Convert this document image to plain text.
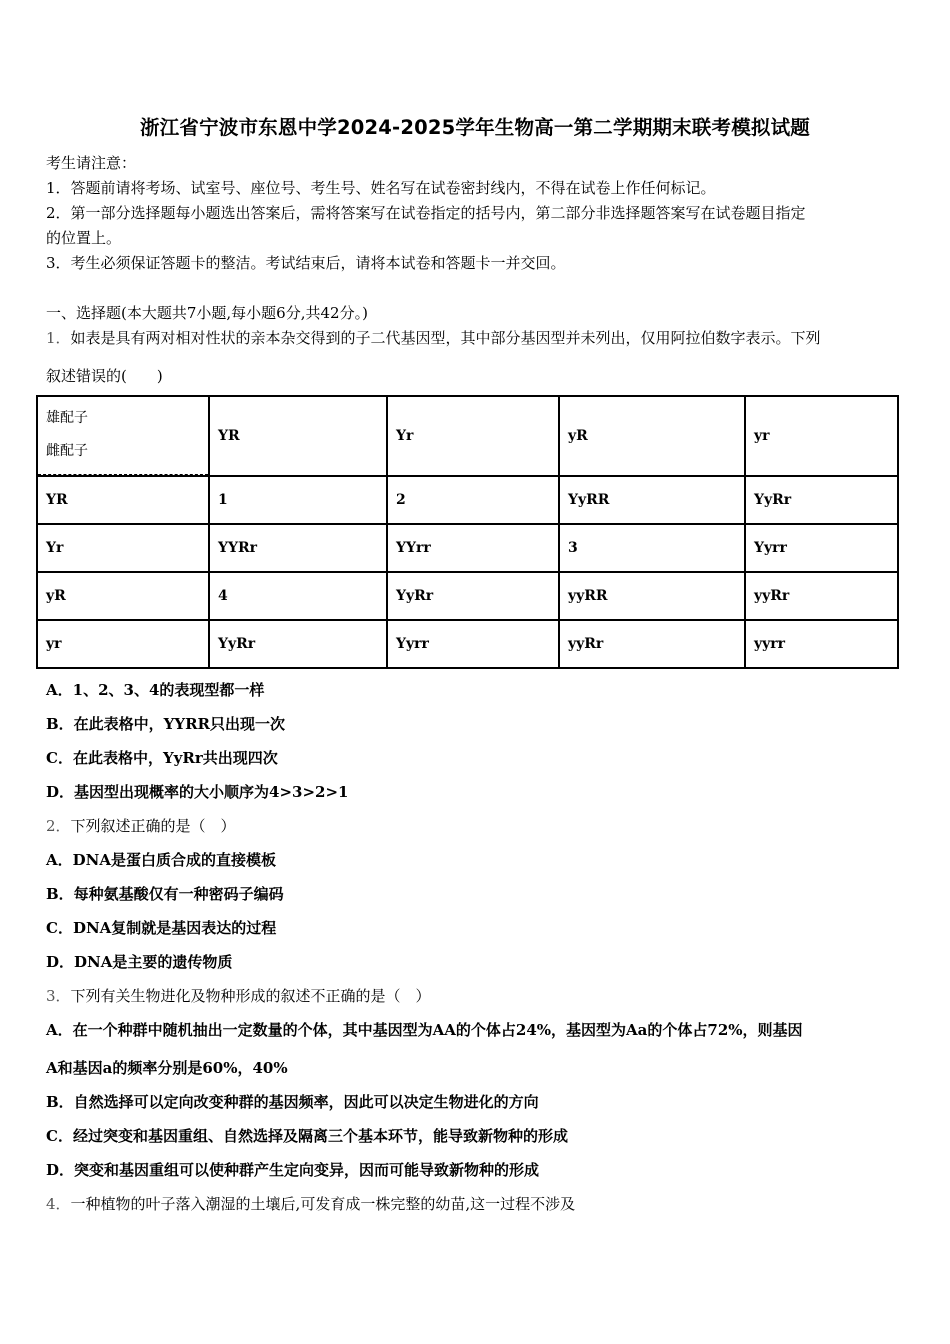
浙江省宁波市东恩中学2024-2025学年生物高一第二学期期末联考模拟试题
考生请注意：
1．答题前请将考场、试室号、座位号、考生号、姓名写在试卷密封线内，不得在试卷上作任何标记。
2．第一部分选择题每小题选出答案后，需将答案写在试卷指定的括号内，第二部分非选择题答案写在试卷题目指定
的位置上。
3．考生必须保证答题卡的整洁。考试结束后，请将本试卷和答题卡一并交回。
一、选择题(本大题共7小题,每小题6分,共42分。)
1．如表是具有两对相对性状的亲本杂交得到的子二代基因型，其中部分基因型并未列出，仅用阿拉伯数字表示。下列
叙述错误的(　　)
雄配子
雌配子	YR	Yr	yR	yr
YR	1	2	YyRR	YyRr
Yr	YYRr	YYrr	3	Yyrr
yR	4	YyRr	yyRR	yyRr
yr	YyRr	Yyrr	yyRr	yyrr
A．1、2、3、4的表现型都一样
B．在此表格中，YYRR只出现一次
C．在此表格中，YyRr共出现四次
D．基因型出现概率的大小顺序为4>3>2>1
2．下列叙述正确的是（　）
A．DNA是蛋白质合成的直接模板
B．每种氨基酸仅有一种密码子编码
C．DNA复制就是基因表达的过程
D．DNA是主要的遗传物质
3．下列有关生物进化及物种形成的叙述不正确的是（　）
A．在一个种群中随机抽出一定数量的个体，其中基因型为AA的个体占24%，基因型为Aa的个体占72%，则基因
A和基因a的频率分别是60%，40%
B．自然选择可以定向改变种群的基因频率，因此可以决定生物进化的方向
C．经过突变和基因重组、自然选择及隔离三个基本环节，能导致新物种的形成
D．突变和基因重组可以使种群产生定向变异，因而可能导致新物种的形成
4．一种植物的叶子落入潮湿的土壤后,可发育成一株完整的幼苗,这一过程不涉及
